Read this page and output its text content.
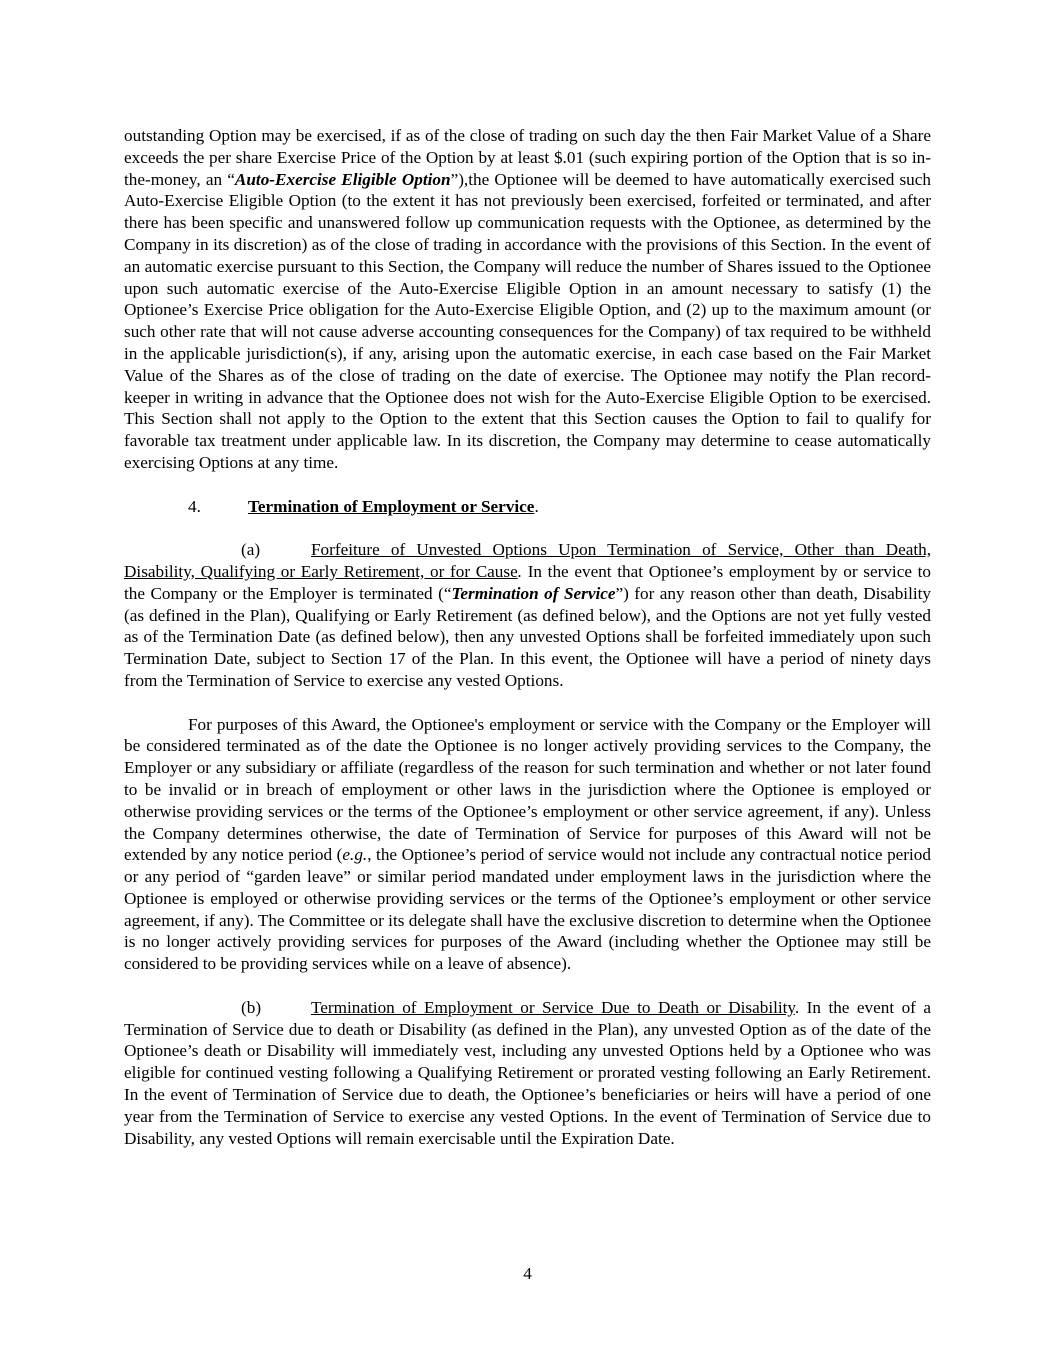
outstanding Option may be exercised, if as of the close of trading on such day the then Fair Market Value of a Share exceeds the per share Exercise Price of the Option by at least $.01 (such expiring portion of the Option that is so in-the-money, an “Auto-Exercise Eligible Option”),the Optionee will be deemed to have automatically exercised such Auto-Exercise Eligible Option (to the extent it has not previously been exercised, forfeited or terminated, and after there has been specific and unanswered follow up communication requests with the Optionee, as determined by the Company in its discretion) as of the close of trading in accordance with the provisions of this Section. In the event of an automatic exercise pursuant to this Section, the Company will reduce the number of Shares issued to the Optionee upon such automatic exercise of the Auto-Exercise Eligible Option in an amount necessary to satisfy (1) the Optionee’s Exercise Price obligation for the Auto-Exercise Eligible Option, and (2) up to the maximum amount (or such other rate that will not cause adverse accounting consequences for the Company) of tax required to be withheld in the applicable jurisdiction(s), if any, arising upon the automatic exercise, in each case based on the Fair Market Value of the Shares as of the close of trading on the date of exercise. The Optionee may notify the Plan record-keeper in writing in advance that the Optionee does not wish for the Auto-Exercise Eligible Option to be exercised. This Section shall not apply to the Option to the extent that this Section causes the Option to fail to qualify for favorable tax treatment under applicable law. In its discretion, the Company may determine to cease automatically exercising Options at any time.

4.	Termination of Employment or Service.

(a)	Forfeiture of Unvested Options Upon Termination of Service, Other than Death, Disability, Qualifying or Early Retirement, or for Cause. In the event that Optionee’s employment by or service to the Company or the Employer is terminated (“Termination of Service”) for any reason other than death, Disability (as defined in the Plan), Qualifying or Early Retirement (as defined below), and the Options are not yet fully vested as of the Termination Date (as defined below), then any unvested Options shall be forfeited immediately upon such Termination Date, subject to Section 17 of the Plan. In this event, the Optionee will have a period of ninety days from the Termination of Service to exercise any vested Options.

For purposes of this Award, the Optionee's employment or service with the Company or the Employer will be considered terminated as of the date the Optionee is no longer actively providing services to the Company, the Employer or any subsidiary or affiliate (regardless of the reason for such termination and whether or not later found to be invalid or in breach of employment or other laws in the jurisdiction where the Optionee is employed or otherwise providing services or the terms of the Optionee’s employment or other service agreement, if any). Unless the Company determines otherwise, the date of Termination of Service for purposes of this Award will not be extended by any notice period (e.g., the Optionee’s period of service would not include any contractual notice period or any period of “garden leave” or similar period mandated under employment laws in the jurisdiction where the Optionee is employed or otherwise providing services or the terms of the Optionee’s employment or other service agreement, if any). The Committee or its delegate shall have the exclusive discretion to determine when the Optionee is no longer actively providing services for purposes of the Award (including whether the Optionee may still be considered to be providing services while on a leave of absence).

(b)	Termination of Employment or Service Due to Death or Disability. In the event of a Termination of Service due to death or Disability (as defined in the Plan), any unvested Option as of the date of the Optionee’s death or Disability will immediately vest, including any unvested Options held by a Optionee who was eligible for continued vesting following a Qualifying Retirement or prorated vesting following an Early Retirement. In the event of Termination of Service due to death, the Optionee’s beneficiaries or heirs will have a period of one year from the Termination of Service to exercise any vested Options. In the event of Termination of Service due to Disability, any vested Options will remain exercisable until the Expiration Date.

4
